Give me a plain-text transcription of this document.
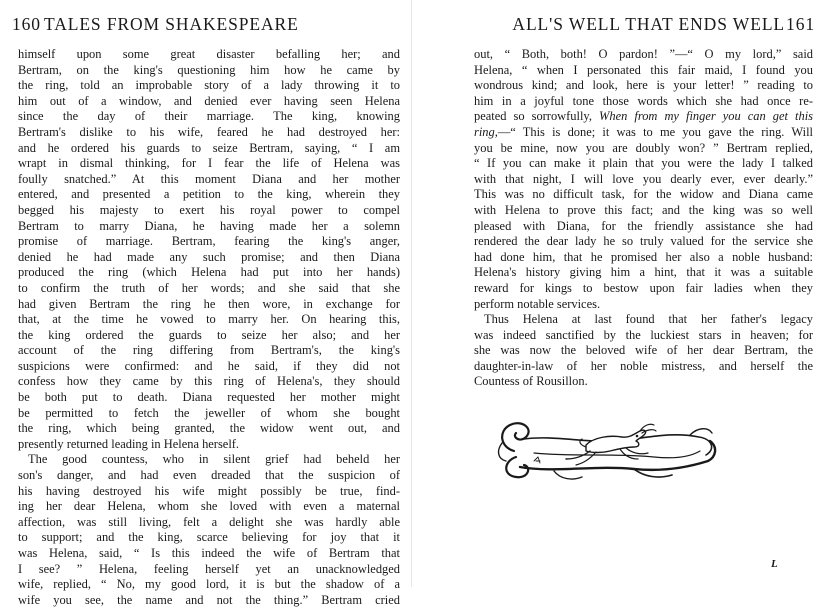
160 TALES FROM SHAKESPEARE
himself upon some great disaster befalling her; and
Bertram, on the king's questioning him how he came by
the ring, told an improbable story of a lady throwing it to
him out of a window, and denied ever having seen Helena
since the day of their marriage. The king, knowing
Bertram's dislike to his wife, feared he had destroyed her:
and he ordered his guards to seize Bertram, saying, “ I am
wrapt in dismal thinking, for I fear the life of Helena was
foully snatched.” At this moment Diana and her mother
entered, and presented a petition to the king, wherein they
begged his majesty to exert his royal power to compel
Bertram to marry Diana, he having made her a solemn
promise of marriage. Bertram, fearing the king's anger,
denied he had made any such promise; and then Diana
produced the ring (which Helena had put into her hands)
to confirm the truth of her words; and she said that she
had given Bertram the ring he then wore, in exchange for
that, at the time he vowed to marry her. On hearing this,
the king ordered the guards to seize her also; and her
account of the ring differing from Bertram's, the king's
suspicions were confirmed: and he said, if they did not
confess how they came by this ring of Helena's, they should
be both put to death. Diana requested her mother might
be permitted to fetch the jeweller of whom she bought
the ring, which being granted, the widow went out, and
presently returned leading in Helena herself.
The good countess, who in silent grief had beheld her
son's danger, and had even dreaded that the suspicion of
his having destroyed his wife might possibly be true, find-
ing her dear Helena, whom she loved with even a maternal
affection, was still living, felt a delight she was hardly able
to support; and the king, scarce believing for joy that it
was Helena, said, “ Is this indeed the wife of Bertram that
I see? ” Helena, feeling herself yet an unacknowledged
wife, replied, “ No, my good lord, it is but the shadow of a
wife you see, the name and not the thing.” Bertram cried
ALL'S WELL THAT ENDS WELL 161
out, “ Both, both! O pardon! ”—“ O my lord,” said
Helena, “ when I personated this fair maid, I found you
wondrous kind; and look, here is your letter! ” reading to
him in a joyful tone those words which she had once re-
peated so sorrowfully, When from my finger you can get this
ring,—“ This is done; it was to me you gave the ring. Will
you be mine, now you are doubly won? ” Bertram replied,
“ If you can make it plain that you were the lady I talked
with that night, I will love you dearly ever, ever dearly.”
This was no difficult task, for the widow and Diana came
with Helena to prove this fact; and the king was so well
pleased with Diana, for the friendly assistance she had
rendered the dear lady he so truly valued for the service she
had done him, that he promised her also a noble husband:
Helena's history giving him a hint, that it was a suitable
reward for kings to bestow upon fair ladies when they
perform notable services.
Thus Helena at last found that her father's legacy
was indeed sanctified by the luckiest stars in heaven; for
she was now the beloved wife of her dear Bertram, the
daughter-in-law of her noble mistress, and herself the
Countess of Rousillon.
L
